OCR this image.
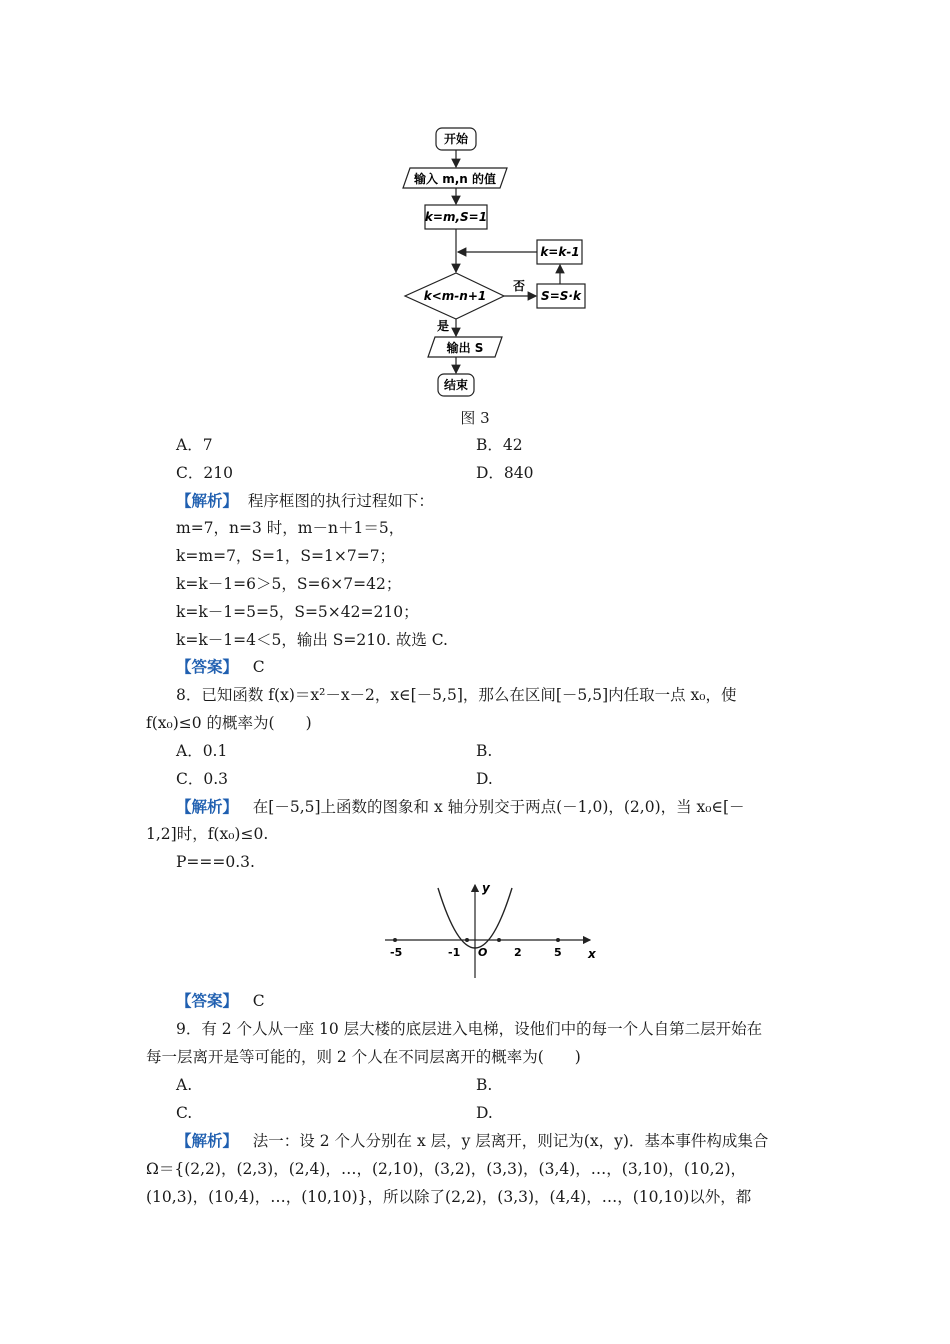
开始
输入 m,n 的值
k=m,S=1
k<m-n+1
否
是
S=S·k
k=k-1
输出 S
结束
图 3
A．7	B．42
C．210	D．840
【解析】 程序框图的执行过程如下：
m=7，n=3 时，m－n＋1＝5，
k=m=7，S=1，S=1×7=7；
k=k－1=6＞5，S=6×7=42；
k=k－1=5=5，S=5×42=210；
k=k－1=4＜5，输出 S=210. 故选 C.
【答案】 C
8．已知函数 f(x)＝x²－x－2，x∈[－5,5]，那么在区间[－5,5]内任取一点 x₀，使
f(x₀)≤0 的概率为(　　)
A．0.1	B.
C．0.3	D.
【解析】 在[－5,5]上函数的图象和 x 轴分别交于两点(－1,0)，(2,0)，当 x₀∈[－
1,2]时，f(x₀)≤0.
P===0.3.
y
x
-5	-1 O 2	5
【答案】 C
9．有 2 个人从一座 10 层大楼的底层进入电梯，设他们中的每一个人自第二层开始在
每一层离开是等可能的，则 2 个人在不同层离开的概率为(　　)
A.	B.
C.	D.
【解析】 法一：设 2 个人分别在 x 层，y 层离开，则记为(x，y)．基本事件构成集合
Ω＝{(2,2)，(2,3)，(2,4)，…，(2,10)，(3,2)，(3,3)，(3,4)，…，(3,10)，(10,2)，
(10,3)，(10,4)，…，(10,10)}，所以除了(2,2)，(3,3)，(4,4)，…，(10,10)以外，都
